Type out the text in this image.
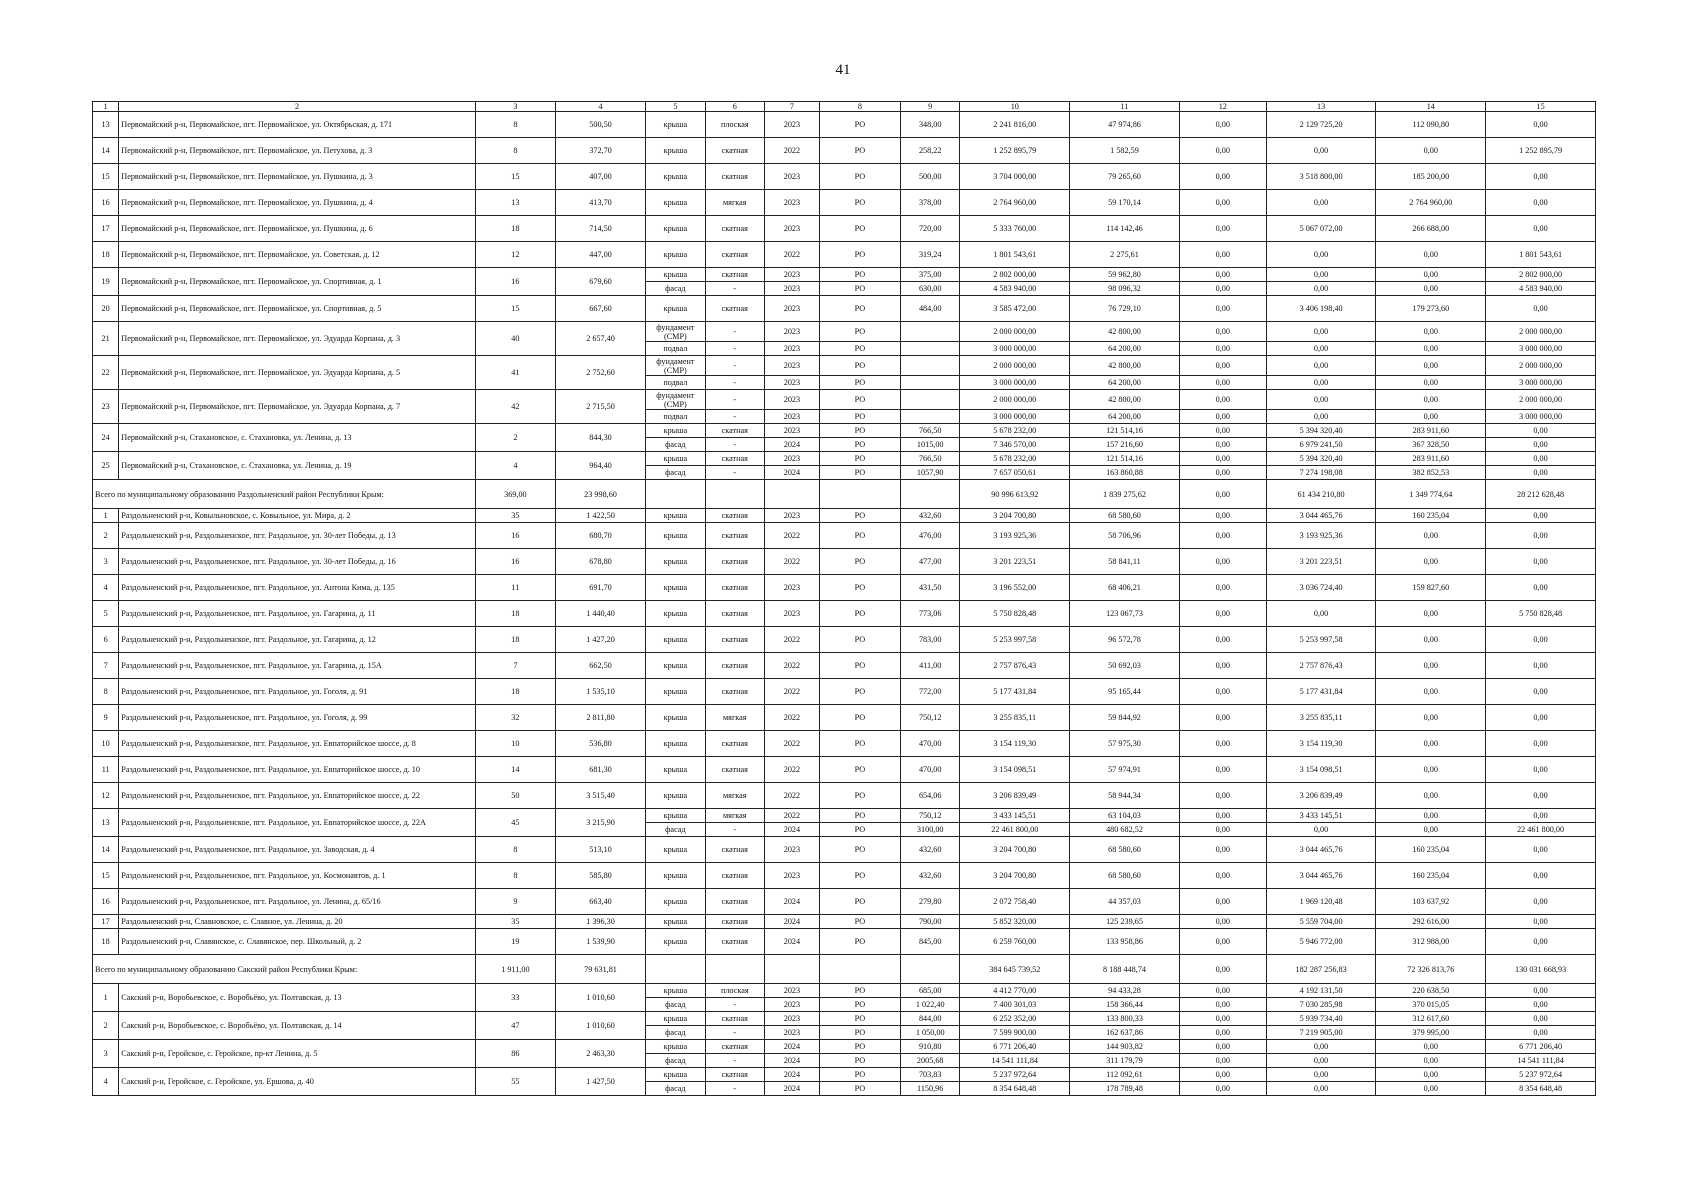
41
1	2	3	4	5	6	7	8	9	10	11	12	13	14	15
13	Первомайский р-н, Первомайское, пгт. Первомайское, ул. Октябрьская, д. 171	8	500,50	крыша	плоская	2023	РО	348,00	2 241 816,00	47 974,86	0,00	2 129 725,20	112 090,80	0,00
14	Первомайский р-н, Первомайское, пгт. Первомайское, ул. Петухова, д. 3	8	372,70	крыша	скатная	2022	РО	258,22	1 252 895,79	1 582,59	0,00	0,00	0,00	1 252 895,79
15	Первомайский р-н, Первомайское, пгт. Первомайское, ул. Пушкина, д. 3	15	407,00	крыша	скатная	2023	РО	500,00	3 704 000,00	79 265,60	0,00	3 518 800,00	185 200,00	0,00
16	Первомайский р-н, Первомайское, пгт. Первомайское, ул. Пушкина, д. 4	13	413,70	крыша	мягкая	2023	РО	378,00	2 764 960,00	59 170,14	0,00	0,00	2 764 960,00	0,00
17	Первомайский р-н, Первомайское, пгт. Первомайское, ул. Пушкина, д. 6	18	714,50	крыша	скатная	2023	РО	720,00	5 333 760,00	114 142,46	0,00	5 067 072,00	266 688,00	0,00
18	Первомайский р-н, Первомайское, пгт. Первомайское, ул. Советская, д. 12	12	447,00	крыша	скатная	2022	РО	319,24	1 801 543,61	2 275,61	0,00	0,00	0,00	1 801 543,61
19	Первомайский р-н, Первомайское, пгт. Первомайское, ул. Спортивная, д. 1	16	679,60	крыша	скатная	2023	РО	375,00	2 802 000,00	59 962,80	0,00	0,00	0,00	2 802 000,00
				фасад	-	2023	РО	630,00	4 583 940,00	98 096,32	0,00	0,00	0,00	4 583 940,00
20	Первомайский р-н, Первомайское, пгт. Первомайское, ул. Спортивная, д. 5	15	667,60	крыша	скатная	2023	РО	484,00	3 585 472,00	76 729,10	0,00	3 406 198,40	179 273,60	0,00
21	Первомайский р-н, Первомайское, пгт. Первомайское, ул. Эдуарда Корпана, д. 3	40	2 657,40	фундамент (СМР)	-	2023	РО		2 000 000,00	42 800,00	0,00	0,00	0,00	2 000 000,00
				подвал	-	2023	РО		3 000 000,00	64 200,00	0,00	0,00	0,00	3 000 000,00
22	Первомайский р-н, Первомайское, пгт. Первомайское, ул. Эдуарда Корпана, д. 5	41	2 752,60	фундамент (СМР)	-	2023	РО		2 000 000,00	42 800,00	0,00	0,00	0,00	2 000 000,00
				подвал	-	2023	РО		3 000 000,00	64 200,00	0,00	0,00	0,00	3 000 000,00
23	Первомайский р-н, Первомайское, пгт. Первомайское, ул. Эдуарда Корпана, д. 7	42	2 715,50	фундамент (СМР)	-	2023	РО		2 000 000,00	42 800,00	0,00	0,00	0,00	2 000 000,00
				подвал	-	2023	РО		3 000 000,00	64 200,00	0,00	0,00	0,00	3 000 000,00
24	Первомайский р-н, Стахановское, с. Стахановка, ул. Ленина, д. 13	2	844,30	крыша	скатная	2023	РО	766,50	5 678 232,00	121 514,16	0,00	5 394 320,40	283 911,60	0,00
				фасад	-	2024	РО	1015,00	7 346 570,00	157 216,60	0,00	6 979 241,50	367 328,50	0,00
25	Первомайский р-н, Стахановское, с. Стахановка, ул. Ленина, д. 19	4	964,40	крыша	скатная	2023	РО	766,50	5 678 232,00	121 514,16	0,00	5 394 320,40	283 911,60	0,00
				фасад	-	2024	РО	1057,90	7 657 050,61	163 860,88	0,00	7 274 198,08	382 852,53	0,00
Всего по муниципальному образованию Раздольненский район Республики Крым:		369,00	23 998,60						90 996 613,92	1 839 275,62	0,00	61 434 210,80	1 349 774,64	28 212 628,48
1	Раздольненский р-н, Ковыльновское, с. Ковыльное, ул. Мира, д. 2	35	1 422,50	крыша	скатная	2023	РО	432,60	3 204 700,80	68 580,60	0,00	3 044 465,76	160 235,04	0,00
2	Раздольненский р-н, Раздольненское, пгт. Раздольное, ул. 30-лет Победы, д. 13	16	680,70	крыша	скатная	2022	РО	476,00	3 193 925,36	58 706,96	0,00	3 193 925,36	0,00	0,00
3	Раздольненский р-н, Раздольненское, пгт. Раздольное, ул. 30-лет Победы, д. 16	16	678,80	крыша	скатная	2022	РО	477,00	3 201 223,51	58 841,11	0,00	3 201 223,51	0,00	0,00
4	Раздольненский р-н, Раздольненское, пгт. Раздольное, ул. Антона Кима, д. 135	11	691,70	крыша	скатная	2023	РО	431,50	3 196 552,00	68 406,21	0,00	3 036 724,40	159 827,60	0,00
5	Раздольненский р-н, Раздольненское, пгт. Раздольное, ул. Гагарина, д. 11	18	1 440,40	крыша	скатная	2023	РО	773,06	5 750 828,48	123 067,73	0,00	0,00	0,00	5 750 828,48
6	Раздольненский р-н, Раздольненское, пгт. Раздольное, ул. Гагарина, д. 12	18	1 427,20	крыша	скатная	2022	РО	783,00	5 253 997,58	96 572,78	0,00	5 253 997,58	0,00	0,00
7	Раздольненский р-н, Раздольненское, пгт. Раздольное, ул. Гагарина, д. 15А	7	662,50	крыша	скатная	2022	РО	411,00	2 757 876,43	50 692,03	0,00	2 757 876,43	0,00	0,00
8	Раздольненский р-н, Раздольненское, пгт. Раздольное, ул. Гоголя, д. 91	18	1 535,10	крыша	скатная	2022	РО	772,00	5 177 431,84	95 165,44	0,00	5 177 431,84	0,00	0,00
9	Раздольненский р-н, Раздольненское, пгт. Раздольное, ул. Гоголя, д. 99	32	2 811,80	крыша	мягкая	2022	РО	750,12	3 255 835,11	59 844,92	0,00	3 255 835,11	0,00	0,00
10	Раздольненский р-н, Раздольненское, пгт. Раздольное, ул. Евпаторийское шоссе, д. 8	10	536,80	крыша	скатная	2022	РО	470,00	3 154 119,30	57 975,30	0,00	3 154 119,30	0,00	0,00
11	Раздольненский р-н, Раздольненское, пгт. Раздольное, ул. Евпаторийское шоссе, д. 10	14	681,30	крыша	скатная	2022	РО	470,00	3 154 098,51	57 974,91	0,00	3 154 098,51	0,00	0,00
12	Раздольненский р-н, Раздольненское, пгт. Раздольное, ул. Евпаторийское шоссе, д. 22	50	3 515,40	крыша	мягкая	2022	РО	654,06	3 206 839,49	58 944,34	0,00	3 206 839,49	0,00	0,00
13	Раздольненский р-н, Раздольненское, пгт. Раздольное, ул. Евпаторийское шоссе, д. 22А	45	3 215,90	крыша	мягкая	2022	РО	750,12	3 433 145,51	63 104,03	0,00	3 433 145,51	0,00	0,00
				фасад	-	2024	РО	3100,00	22 461 800,00	480 682,52	0,00	0,00	0,00	22 461 800,00
14	Раздольненский р-н, Раздольненское, пгт. Раздольное, ул. Заводская, д. 4	8	513,10	крыша	скатная	2023	РО	432,60	3 204 700,80	68 580,60	0,00	3 044 465,76	160 235,04	0,00
15	Раздольненский р-н, Раздольненское, пгт. Раздольное, ул. Космонавтов, д. 1	8	585,80	крыша	скатная	2023	РО	432,60	3 204 700,80	68 580,60	0,00	3 044 465,76	160 235,04	0,00
16	Раздольненский р-н, Раздольненское, пгт. Раздольное, ул. Ленина, д. 65/16	9	663,40	крыша	скатная	2024	РО	279,80	2 072 758,40	44 357,03	0,00	1 969 120,48	103 637,92	0,00
17	Раздольненский р-н, Славновское, с. Славное, ул. Ленина, д. 20	35	1 396,30	крыша	скатная	2024	РО	790,00	5 852 320,00	125 239,65	0,00	5 559 704,00	292 616,00	0,00
18	Раздольненский р-н, Славянское, с. Славянское, пер. Школьный, д. 2	19	1 539,90	крыша	скатная	2024	РО	845,00	6 259 760,00	133 958,86	0,00	5 946 772,00	312 988,00	0,00
Всего по муниципальному образованию Сакский район Республики Крым:		1 911,00	79 631,81						384 645 739,52	8 188 448,74	0,00	182 287 256,83	72 326 813,76	130 031 668,93
1	Сакский р-н, Воробьевское, с. Воробьёво, ул. Полтавская, д. 13	33	1 010,60	крыша	плоская	2023	РО	685,00	4 412 770,00	94 433,28	0,00	4 192 131,50	220 638,50	0,00
				фасад	-	2023	РО	1 022,40	7 400 301,03	158 366,44	0,00	7 030 285,98	370 015,05	0,00
2	Сакский р-н, Воробьевское, с. Воробьёво, ул. Полтавская, д. 14	47	1 010,60	крыша	скатная	2023	РО	844,00	6 252 352,00	133 800,33	0,00	5 939 734,40	312 617,60	0,00
				фасад	-	2023	РО	1 050,00	7 599 900,00	162 637,86	0,00	7 219 905,00	379 995,00	0,00
3	Сакский р-н, Геройское, с. Геройское, пр-кт Ленина, д. 5	86	2 463,30	крыша	скатная	2024	РО	910,80	6 771 206,40	144 903,82	0,00	0,00	0,00	6 771 206,40
				фасад	-	2024	РО	2005,68	14 541 111,84	311 179,79	0,00	0,00	0,00	14 541 111,84
4	Сакский р-н, Геройское, с. Геройское, ул. Ершова, д. 40	55	1 427,50	крыша	скатная	2024	РО	703,83	5 237 972,64	112 092,61	0,00	0,00	0,00	5 237 972,64
				фасад	-	2024	РО	1150,96	8 354 648,48	178 789,48	0,00	0,00	0,00	8 354 648,48
